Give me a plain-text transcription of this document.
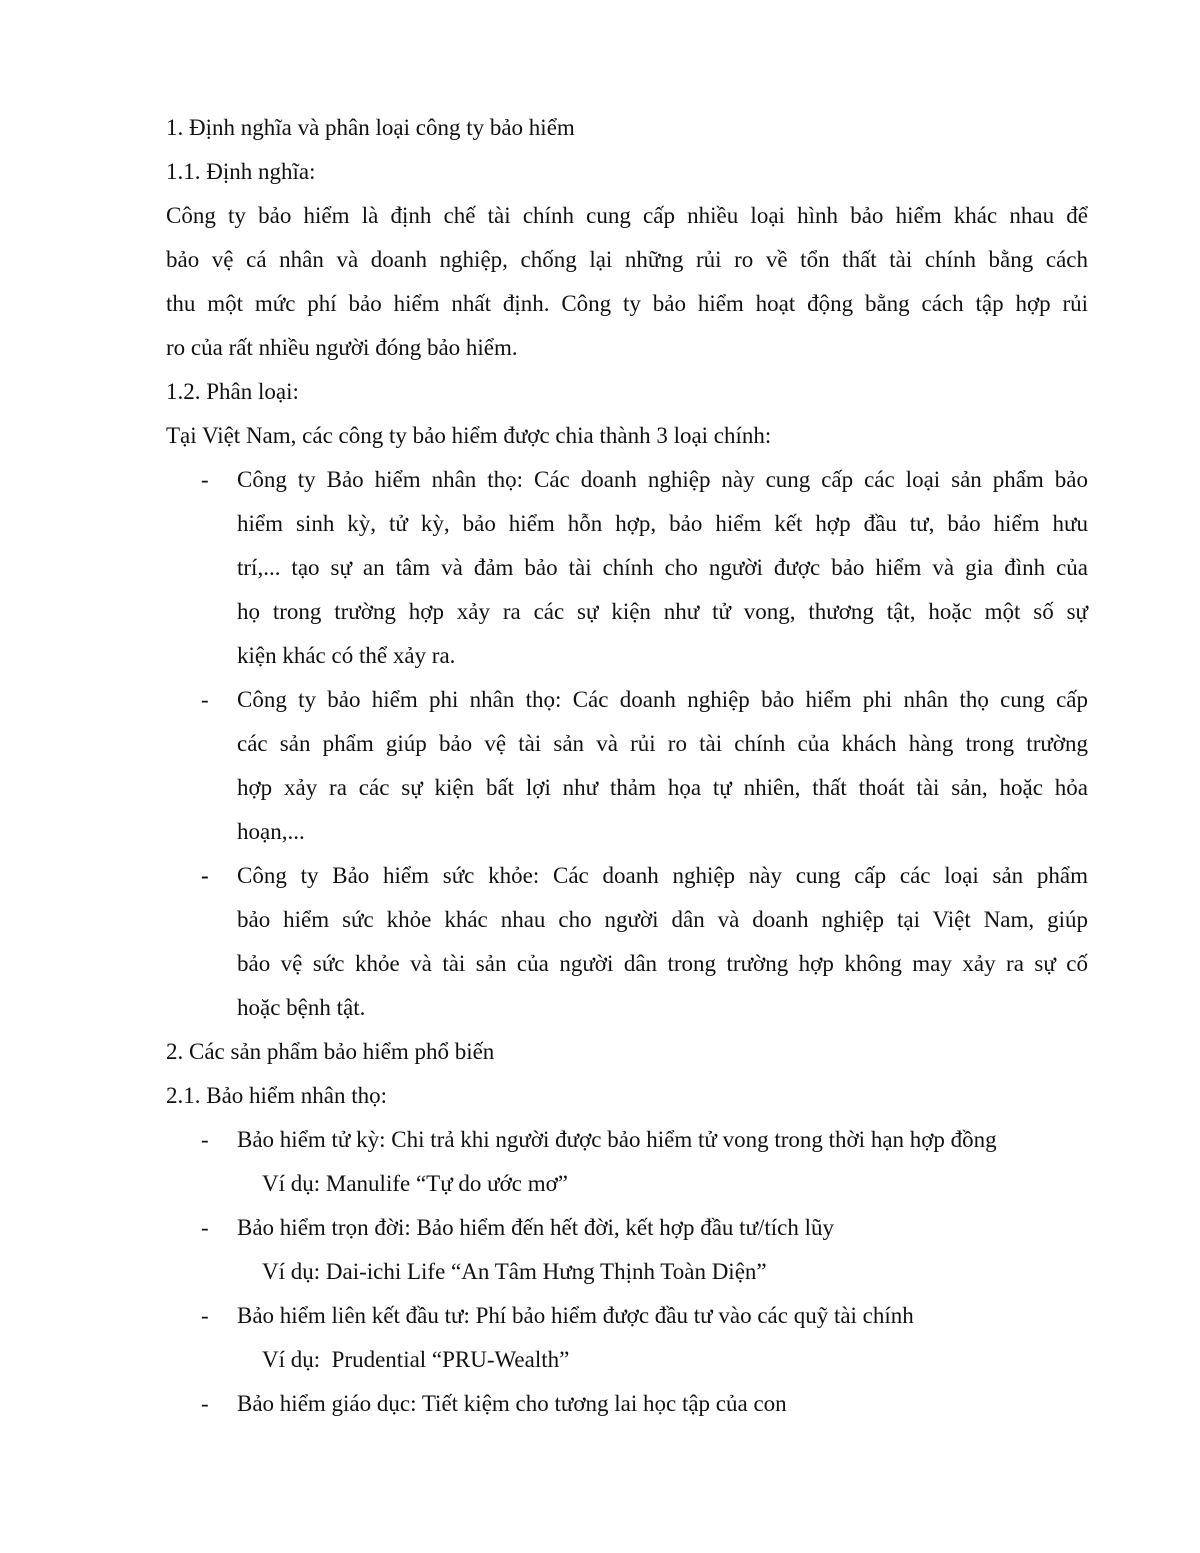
1. Định nghĩa và phân loại công ty bảo hiểm
1.1. Định nghĩa:
Công ty bảo hiểm là định chế tài chính cung cấp nhiều loại hình bảo hiểm khác nhau để
bảo vệ cá nhân và doanh nghiệp, chống lại những rủi ro về tổn thất tài chính bằng cách
thu một mức phí bảo hiểm nhất định. Công ty bảo hiểm hoạt động bằng cách tập hợp rủi
ro của rất nhiều người đóng bảo hiểm.
1.2. Phân loại:
Tại Việt Nam, các công ty bảo hiểm được chia thành 3 loại chính:
- Công ty Bảo hiểm nhân thọ: Các doanh nghiệp này cung cấp các loại sản phẩm bảo
hiểm sinh kỳ, tử kỳ, bảo hiểm hỗn hợp, bảo hiểm kết hợp đầu tư, bảo hiểm hưu
trí,... tạo sự an tâm và đảm bảo tài chính cho người được bảo hiểm và gia đình của
họ trong trường hợp xảy ra các sự kiện như tử vong, thương tật, hoặc một số sự
kiện khác có thể xảy ra.
- Công ty bảo hiểm phi nhân thọ: Các doanh nghiệp bảo hiểm phi nhân thọ cung cấp
các sản phẩm giúp bảo vệ tài sản và rủi ro tài chính của khách hàng trong trường
hợp xảy ra các sự kiện bất lợi như thảm họa tự nhiên, thất thoát tài sản, hoặc hỏa
hoạn,...
- Công ty Bảo hiểm sức khỏe: Các doanh nghiệp này cung cấp các loại sản phẩm
bảo hiểm sức khỏe khác nhau cho người dân và doanh nghiệp tại Việt Nam, giúp
bảo vệ sức khỏe và tài sản của người dân trong trường hợp không may xảy ra sự cố
hoặc bệnh tật.
2. Các sản phẩm bảo hiểm phổ biến
2.1. Bảo hiểm nhân thọ:
- Bảo hiểm tử kỳ: Chi trả khi người được bảo hiểm tử vong trong thời hạn hợp đồng
Ví dụ: Manulife “Tự do ước mơ”
- Bảo hiểm trọn đời: Bảo hiểm đến hết đời, kết hợp đầu tư/tích lũy
Ví dụ: Dai-ichi Life “An Tâm Hưng Thịnh Toàn Diện”
- Bảo hiểm liên kết đầu tư: Phí bảo hiểm được đầu tư vào các quỹ tài chính
Ví dụ:  Prudential “PRU-Wealth”
- Bảo hiểm giáo dục: Tiết kiệm cho tương lai học tập của con
